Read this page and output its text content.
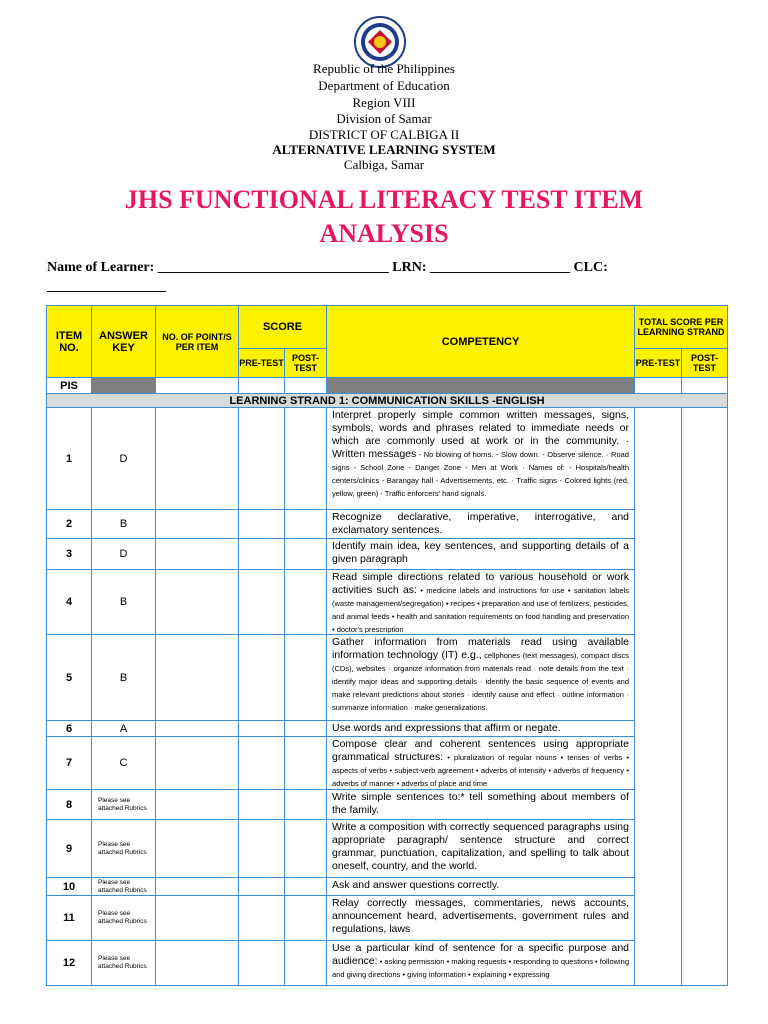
Republic of the Philippines
Department of Education
Region VIII
Division of Samar
DISTRICT OF CALBIGA II
ALTERNATIVE LEARNING SYSTEM
Calbiga, Samar
JHS FUNCTIONAL LITERACY TEST ITEM
ANALYSIS
Name of Learner: _________________________________ LRN: ____________________ CLC:
_________________
ITEM NO.	ANSWER KEY	NO. OF POINT/S PER ITEM	SCORE		COMPETENCY	TOTAL SCORE PER LEARNING STRAND	
			PRE-TEST	POST-TEST		PRE-TEST	POST-TEST
PIS							
LEARNING STRAND 1: COMMUNICATION SKILLS -ENGLISH							
1	D				Interpret properly simple common written messages, signs, symbols, words and phrases related to immediate needs or which are commonly used at work or in the community. · Written messages - No blowing of horns. - Slow down. - Observe silence. · Road signs - School Zone - Danger Zone - Men at Work · Names of: - Hospitals/health centers/clinics - Barangay hall - Advertisements, etc. · Traffic signs - Colored lights (red, yellow, green) - Traffic enforcers' hand signals.		

2	B				Recognize declarative, imperative, interrogative, and exclamatory sentences.		

3	D				Identify main idea, key sentences, and supporting details of a given paragraph		

4	B				Read simple directions related to various household or work activities such as: • medicine labels and instructions for use • sanitation labels (waste management/segregation) • recipes • preparation and use of fertilizers, pesticides, and animal feeds • health and sanitation requirements on food handling and preservation • doctor's prescription		

5	B				Gather information from materials read using available information technology (IT) e.g., cellphones (text messages), compact discs (CDs), websites · organize information from materials read · note details from the text · identify major ideas and supporting details · identify the basic sequence of events and make relevant predictions about stories · identify cause and effect · outline information · summarize information · make generalizations.		

6	A				Use words and expressions that affirm or negate.		

7	C				Compose clear and coherent sentences using appropriate grammatical structures: • pluralization of regular nouns • tenses of verbs • aspects of verbs • subject-verb agreement • adverbs of intensity • adverbs of frequency • adverbs of manner • adverbs of place and time		

8	Please see attached Rubrics				Write simple sentences to:* tell something about members of the family.		

9	Please see attached Rubrics				Write a composition with correctly sequenced paragraphs using appropriate paragraph/ sentence structure and correct grammar, punctuation, capitalization, and spelling to talk about oneself, country, and the world.		

10	Please see attached Rubrics				Ask and answer questions correctly.		

11	Please see attached Rubrics				Relay correctly messages, commentaries, news accounts, announcement heard, advertisements, government rules and regulations, laws		

12	Please see attached Rubrics				Use a particular kind of sentence for a specific purpose and audience: • asking permission • making requests • responding to questions • following and giving directions • giving information • explaining • expressing		
